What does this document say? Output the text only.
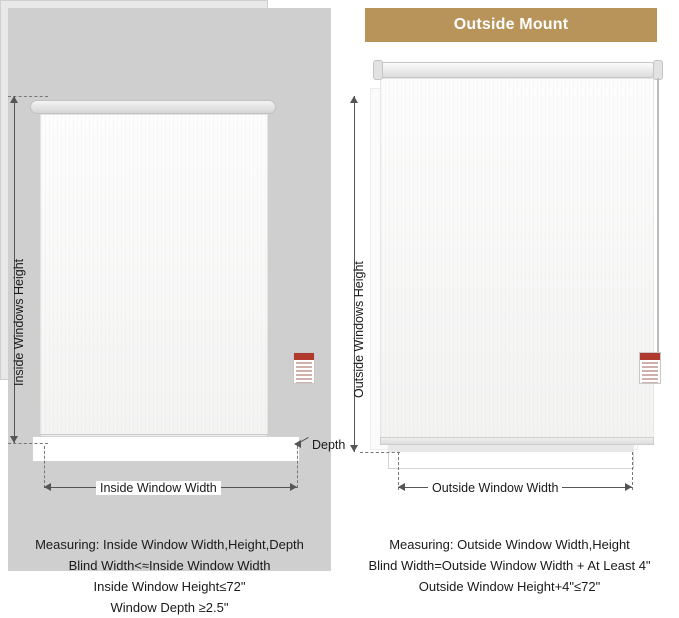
Inside Windows Height
Inside Window Width
Depth
Measuring: Inside Window Width,Height,Depth
Blind Width<≈Inside Window Width
Inside Window Height≤72"
Window Depth ≥2.5"
Outside Mount
Outside Windows Height
Outside Window Width
Measuring: Outside Window Width,Height
Blind Width=Outside Window Width + At Least 4"
Outside Window Height+4"≤72"
